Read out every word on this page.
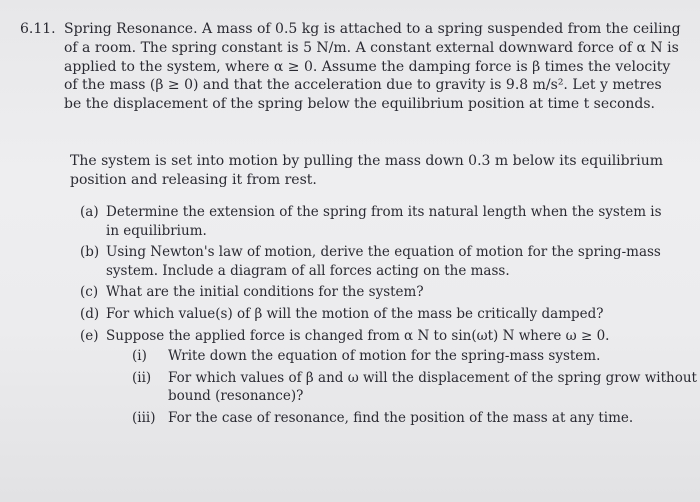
6.11. Spring Resonance. A mass of 0.5 kg is attached to a spring suspended from the ceiling
of a room. The spring constant is 5 N/m. A constant external downward force of α N is
applied to the system, where α ≥ 0. Assume the damping force is β times the velocity
of the mass (β ≥ 0) and that the acceleration due to gravity is 9.8 m/s². Let y metres
be the displacement of the spring below the equilibrium position at time t seconds.
The system is set into motion by pulling the mass down 0.3 m below its equilibrium
position and releasing it from rest.
(a) Determine the extension of the spring from its natural length when the system is
in equilibrium.
(b) Using Newton's law of motion, derive the equation of motion for the spring-mass
system. Include a diagram of all forces acting on the mass.
(c) What are the initial conditions for the system?
(d) For which value(s) of β will the motion of the mass be critically damped?
(e) Suppose the applied force is changed from α N to sin(ωt) N where ω ≥ 0.
(i) Write down the equation of motion for the spring-mass system.
(ii) For which values of β and ω will the displacement of the spring grow without
bound (resonance)?
(iii) For the case of resonance, find the position of the mass at any time.
